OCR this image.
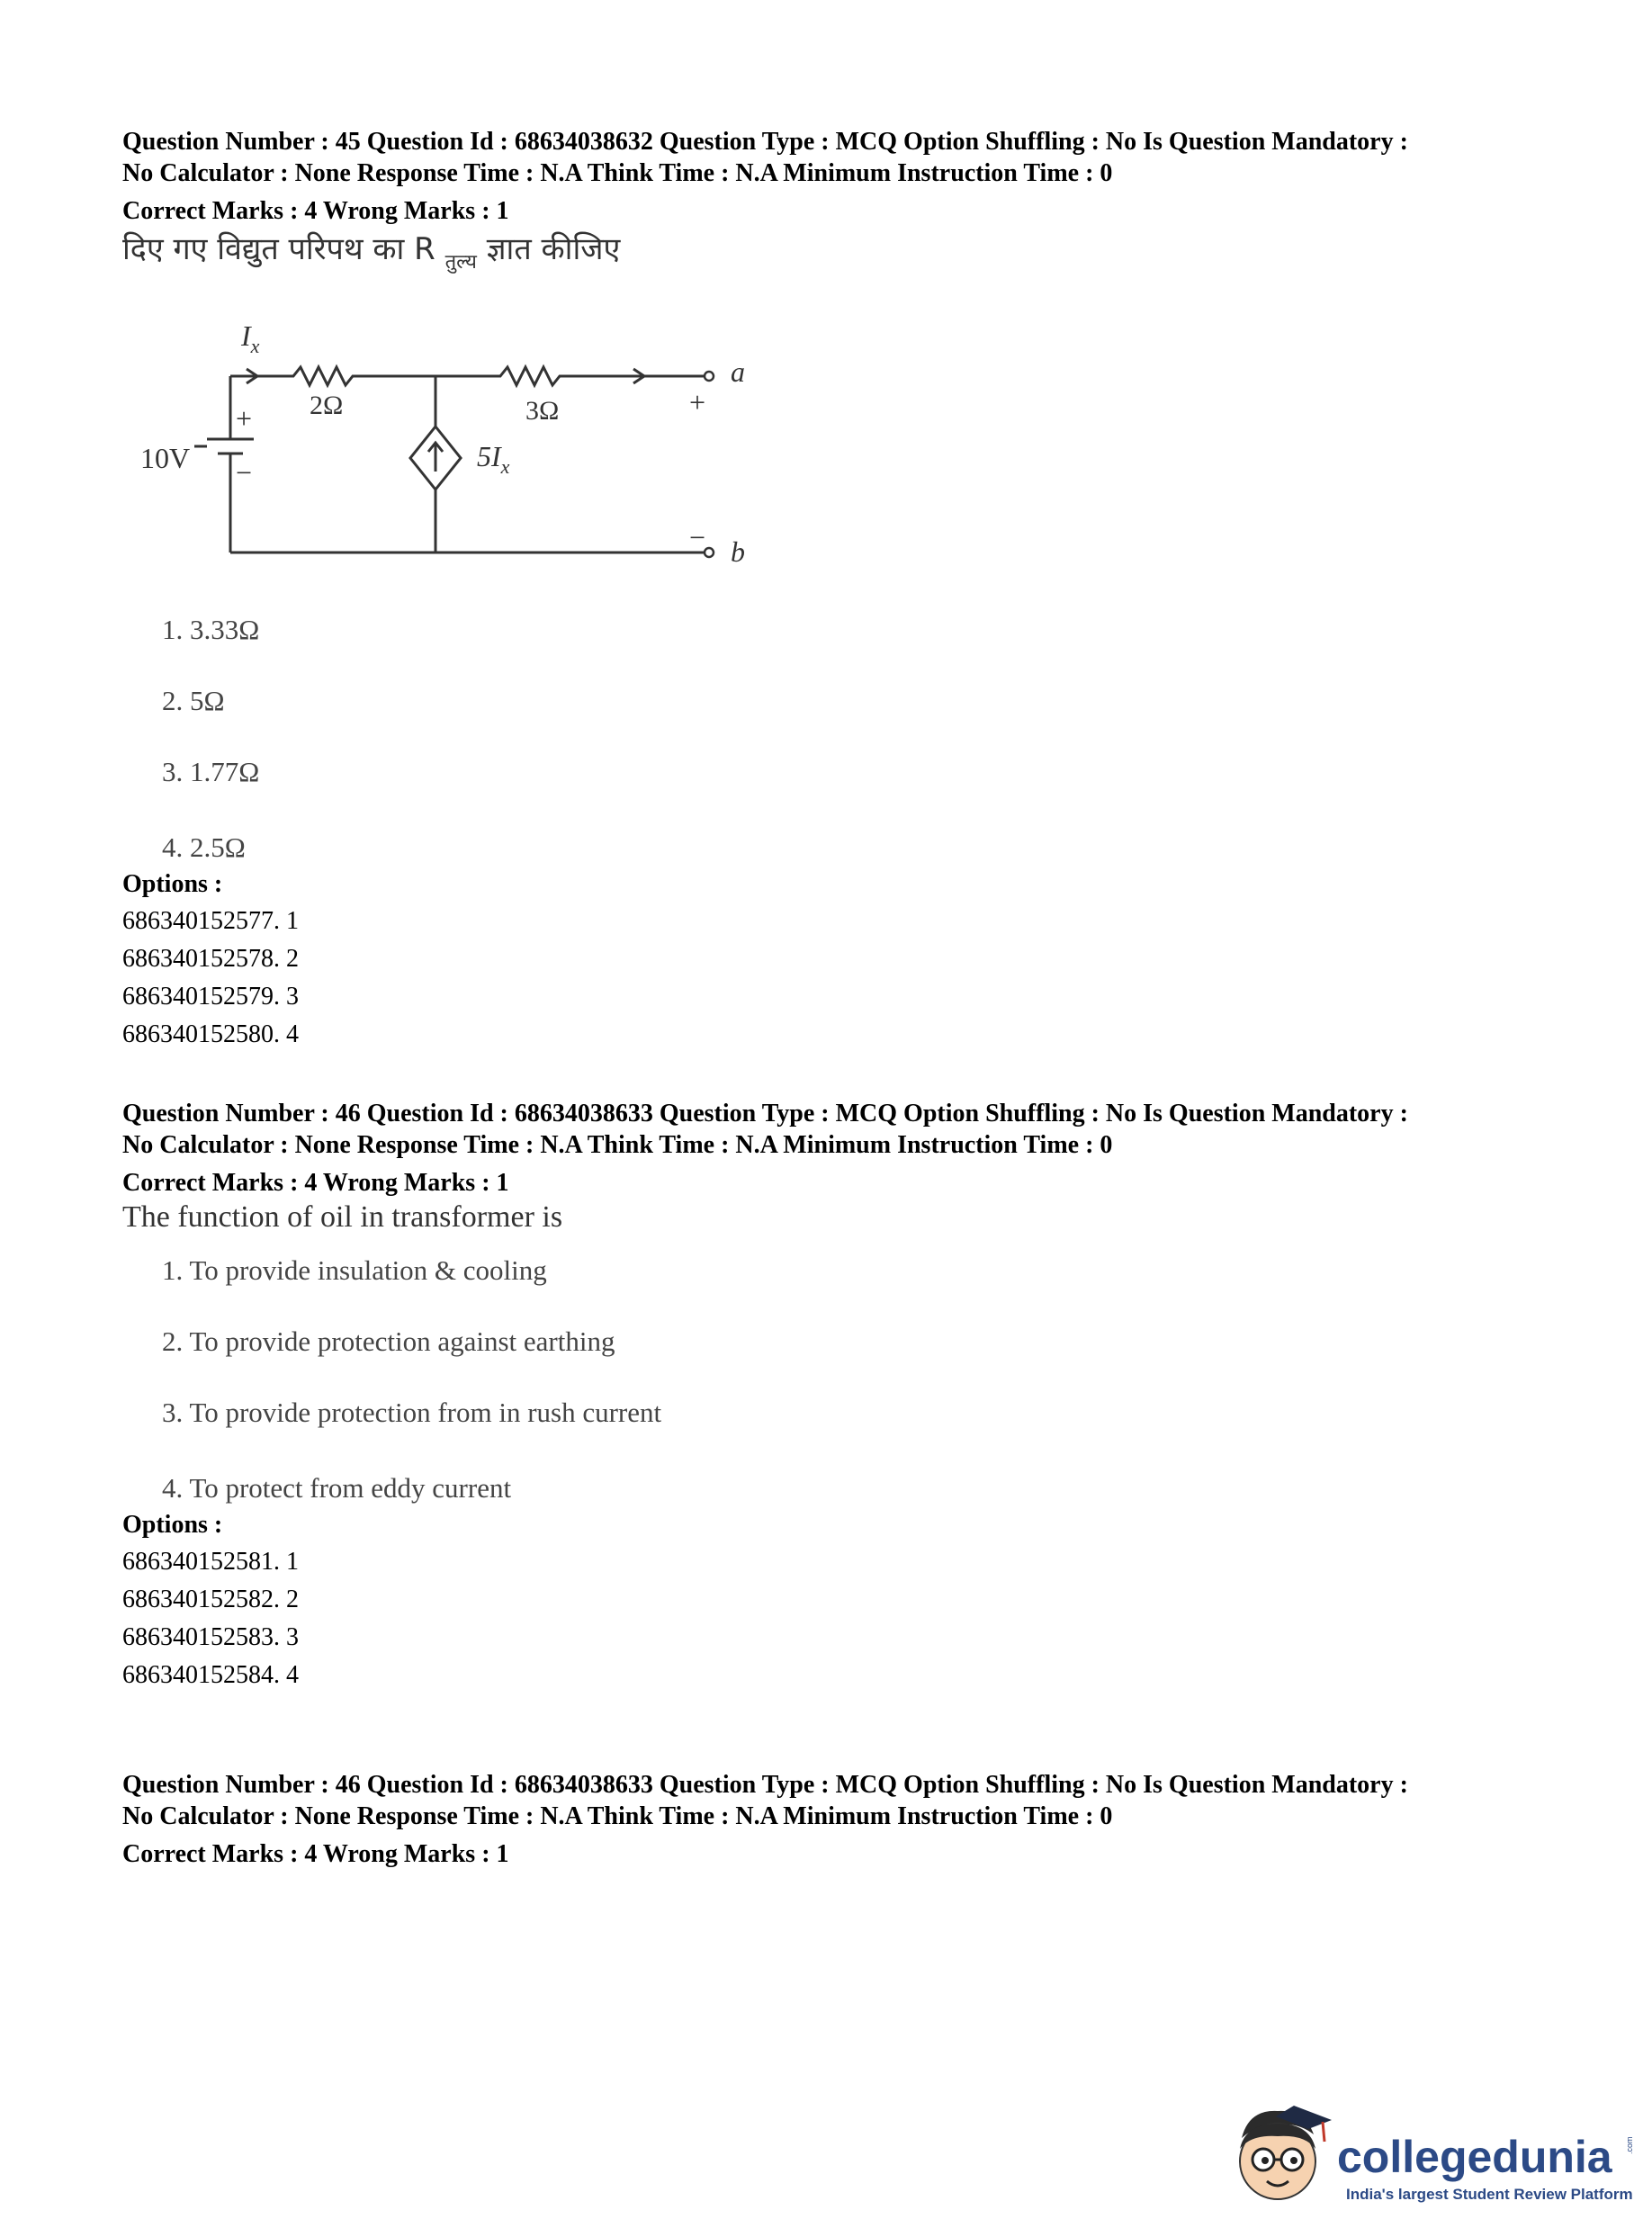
Question Number : 45 Question Id : 68634038632 Question Type : MCQ Option Shuffling : No Is Question Mandatory :

No Calculator : None Response Time : N.A Think Time : N.A Minimum Instruction Time : 0

Correct Marks : 4 Wrong Marks : 1

दिए गए विद्युत परिपथ का R $_{तुल्य}$ ज्ञात कीजिए
$I_x$
2Ω	3Ω
10V
+
−	$5I_x$
+
−
a
b
1. 3.33Ω
2. 5Ω
3. 1.77Ω
4. 2.5Ω
Options :
686340152577. 1
686340152578. 2
686340152579. 3
686340152580. 4

Question Number : 46 Question Id : 68634038633 Question Type : MCQ Option Shuffling : No Is Question Mandatory :

No Calculator : None Response Time : N.A Think Time : N.A Minimum Instruction Time : 0

Correct Marks : 4 Wrong Marks : 1

The function of oil in transformer is
1. To provide insulation & cooling
2. To provide protection against earthing
3. To provide protection from in rush current
4. To protect from eddy current
Options :
686340152581. 1
686340152582. 2
686340152583. 3
686340152584. 4

Question Number : 46 Question Id : 68634038633 Question Type : MCQ Option Shuffling : No Is Question Mandatory :

No Calculator : None Response Time : N.A Think Time : N.A Minimum Instruction Time : 0

Correct Marks : 4 Wrong Marks : 1

collegedunia .com
India's largest Student Review Platform
